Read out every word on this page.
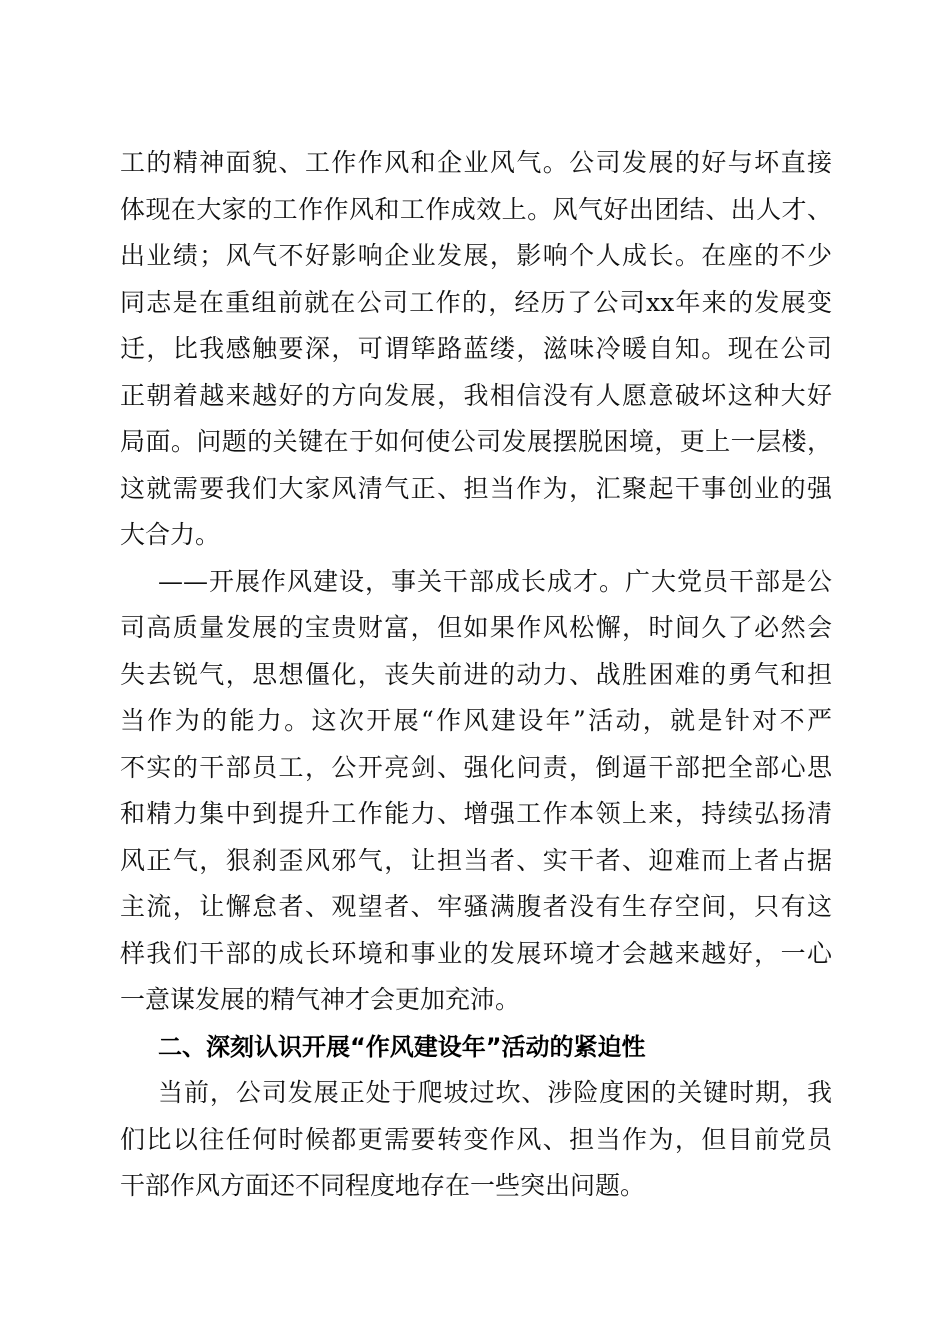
工的精神面貌、工作作风和企业风气。公司发展的好与坏直接
体现在大家的工作作风和工作成效上。风气好出团结、出人才、
出业绩；风气不好影响企业发展，影响个人成长。在座的不少
同志是在重组前就在公司工作的，经历了公司xx年来的发展变
迁，比我感触要深，可谓筚路蓝缕，滋味冷暖自知。现在公司
正朝着越来越好的方向发展，我相信没有人愿意破坏这种大好
局面。问题的关键在于如何使公司发展摆脱困境，更上一层楼，
这就需要我们大家风清气正、担当作为，汇聚起干事创业的强
大合力。
——开展作风建设，事关干部成长成才。广大党员干部是公
司高质量发展的宝贵财富，但如果作风松懈，时间久了必然会
失去锐气，思想僵化，丧失前进的动力、战胜困难的勇气和担
当作为的能力。这次开展“作风建设年”活动，就是针对不严
不实的干部员工，公开亮剑、强化问责，倒逼干部把全部心思
和精力集中到提升工作能力、增强工作本领上来，持续弘扬清
风正气，狠刹歪风邪气，让担当者、实干者、迎难而上者占据
主流，让懈怠者、观望者、牢骚满腹者没有生存空间，只有这
样我们干部的成长环境和事业的发展环境才会越来越好，一心
一意谋发展的精气神才会更加充沛。
二、深刻认识开展“作风建设年”活动的紧迫性
当前，公司发展正处于爬坡过坎、涉险度困的关键时期，我
们比以往任何时候都更需要转变作风、担当作为，但目前党员
干部作风方面还不同程度地存在一些突出问题。
